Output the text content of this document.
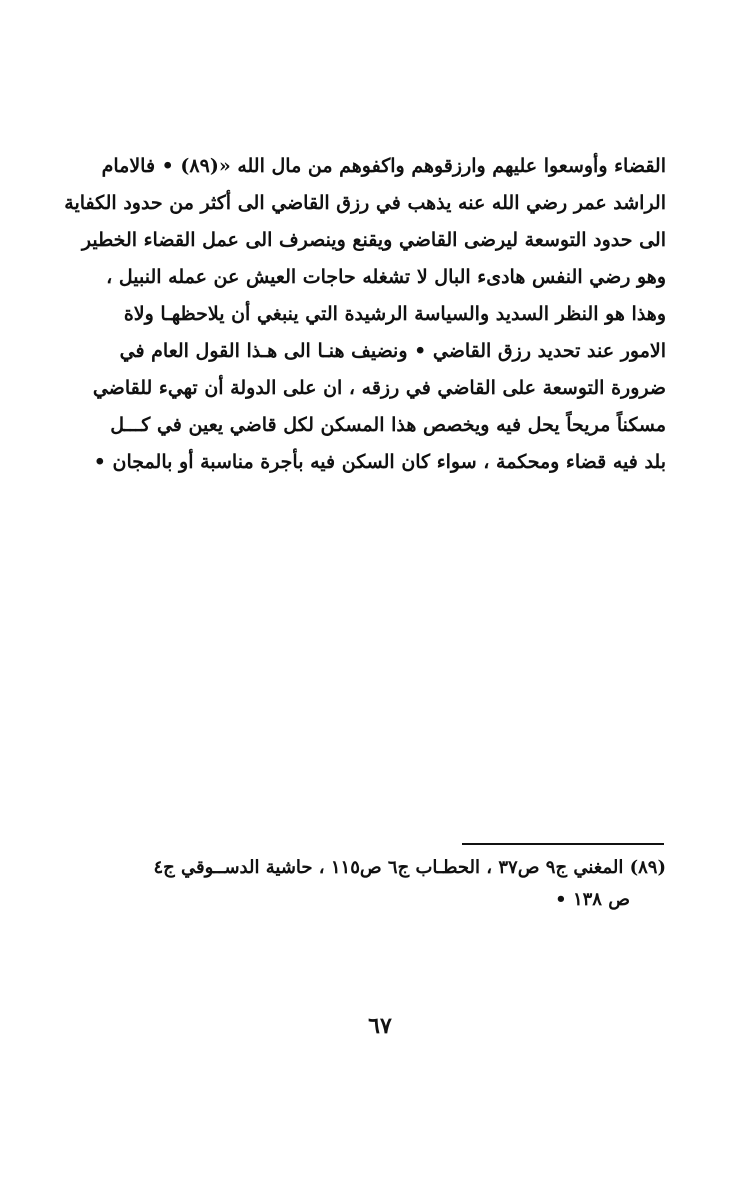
القضاء وأوسعوا عليهم وارزقوهم واكفوهم من مال الله «(٨٩) • فالامام
الراشد عمر رضي الله عنه يذهب في رزق القاضي الى أكثر من حدود الكفاية
الى حدود التوسعة ليرضى القاضي ويقنع وينصرف الى عمل القضاء الخطير
وهو رضي النفس هادىء البال لا تشغله حاجات العيش عن عمله النبيل ،
وهذا هو النظر السديد والسياسة الرشيدة التي ينبغي أن يلاحظهـا ولاة
الامور عند تحديد رزق القاضي • ونضيف هنـا الى هـذا القول العام في
ضرورة التوسعة على القاضي في رزقه ، ان على الدولة أن تهيء للقاضي
مسكناً مريحاً يحل فيه ويخصص هذا المسكن لكل قاضي يعين في كـــل
بلد فيه قضاء ومحكمة ، سواء كان السكن فيه بأجرة مناسبة أو بالمجان •
(٨٩) المغني ج٩ ص٣٧ ، الحطـاب ج٦ ص١١٥ ، حاشية الدســوقي ج٤
ص ١٣٨ •
٦٧
